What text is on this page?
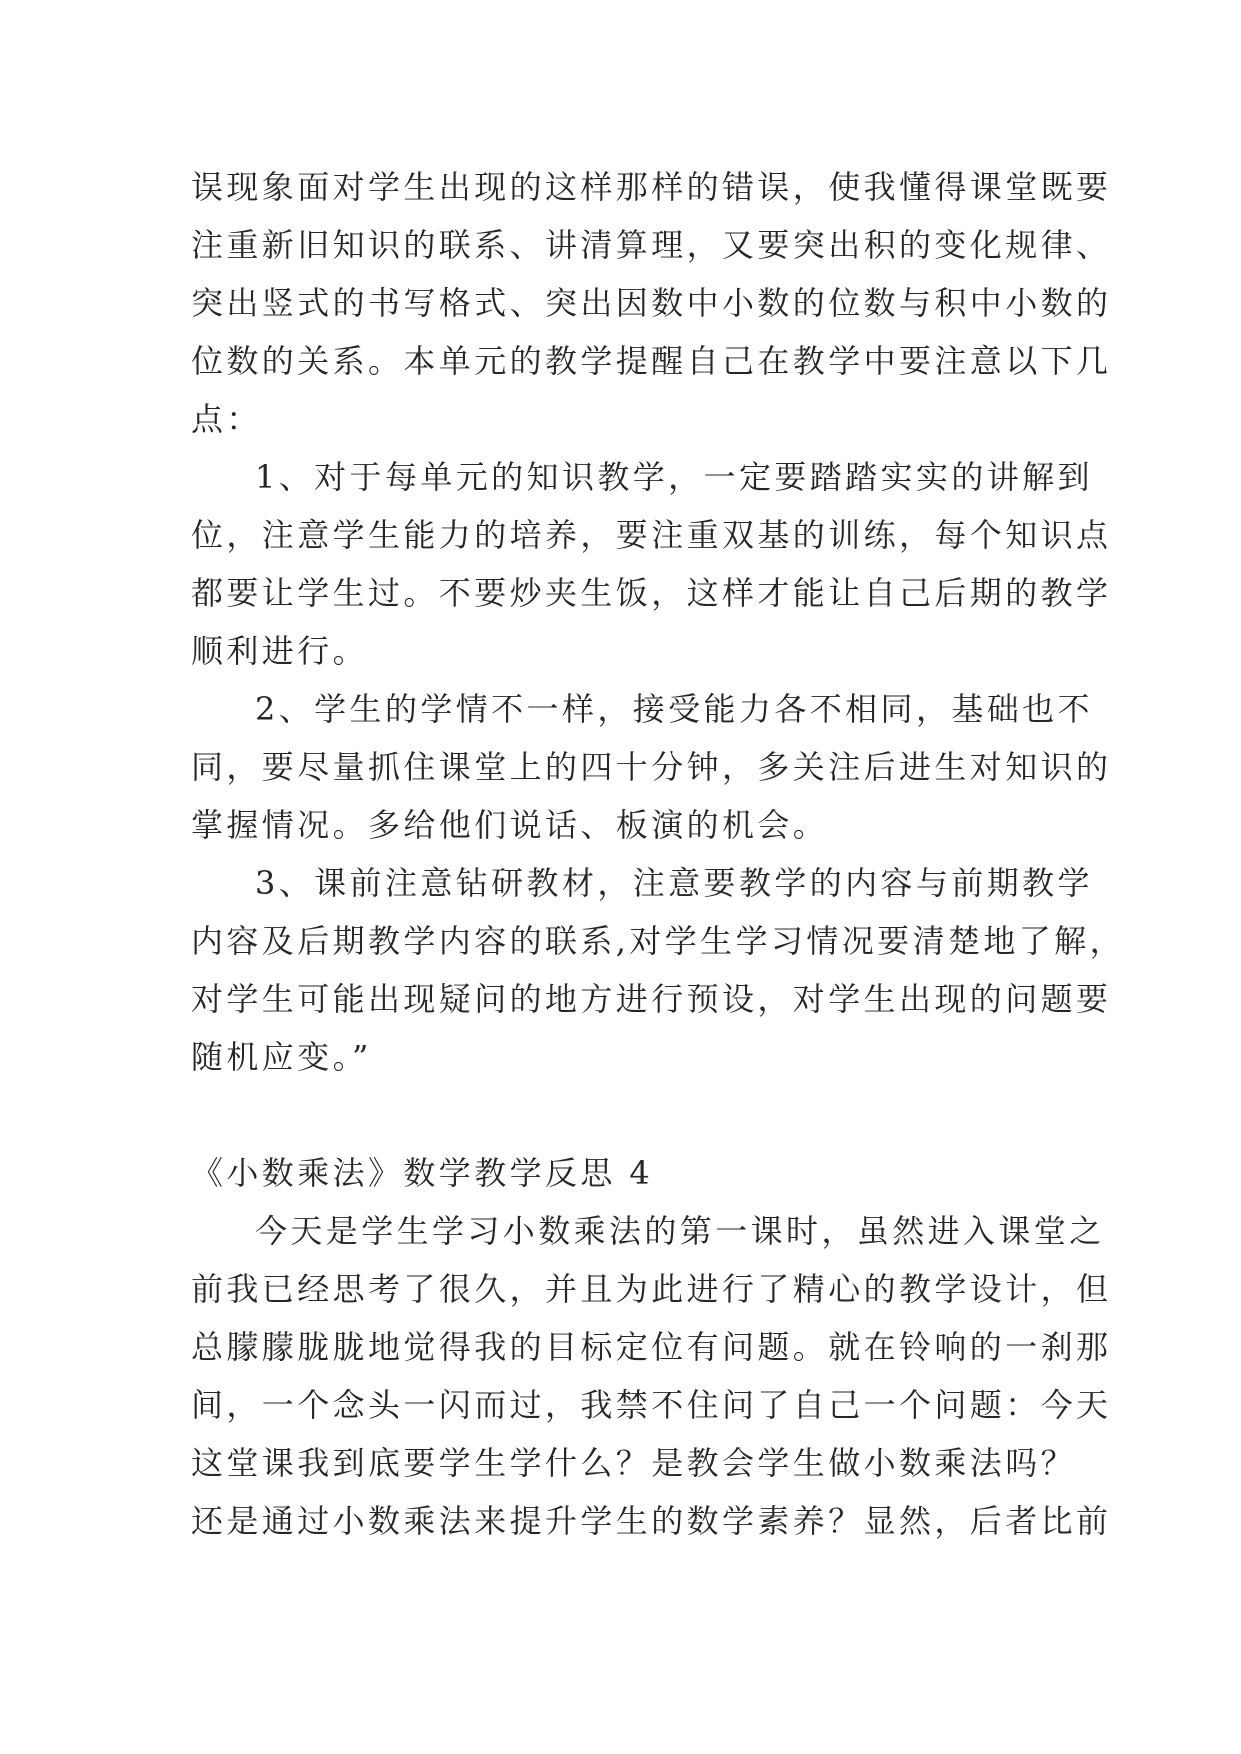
误现象面对学生出现的这样那样的错误，使我懂得课堂既要
注重新旧知识的联系、讲清算理，又要突出积的变化规律、
突出竖式的书写格式、突出因数中小数的位数与积中小数的
位数的关系。本单元的教学提醒自己在教学中要注意以下几
点：
1、对于每单元的知识教学，一定要踏踏实实的讲解到
位，注意学生能力的培养，要注重双基的训练，每个知识点
都要让学生过。不要炒夹生饭，这样才能让自己后期的教学
顺利进行。
2、学生的学情不一样，接受能力各不相同，基础也不
同，要尽量抓住课堂上的四十分钟，多关注后进生对知识的
掌握情况。多给他们说话、板演的机会。
3、课前注意钻研教材，注意要教学的内容与前期教学
内容及后期教学内容的联系,对学生学习情况要清楚地了解，
对学生可能出现疑问的地方进行预设，对学生出现的问题要
随机应变。”
《小数乘法》数学教学反思 4
今天是学生学习小数乘法的第一课时，虽然进入课堂之
前我已经思考了很久，并且为此进行了精心的教学设计，但
总朦朦胧胧地觉得我的目标定位有问题。就在铃响的一刹那
间，一个念头一闪而过，我禁不住问了自己一个问题：今天
这堂课我到底要学生学什么？是教会学生做小数乘法吗？
还是通过小数乘法来提升学生的数学素养？显然，后者比前
